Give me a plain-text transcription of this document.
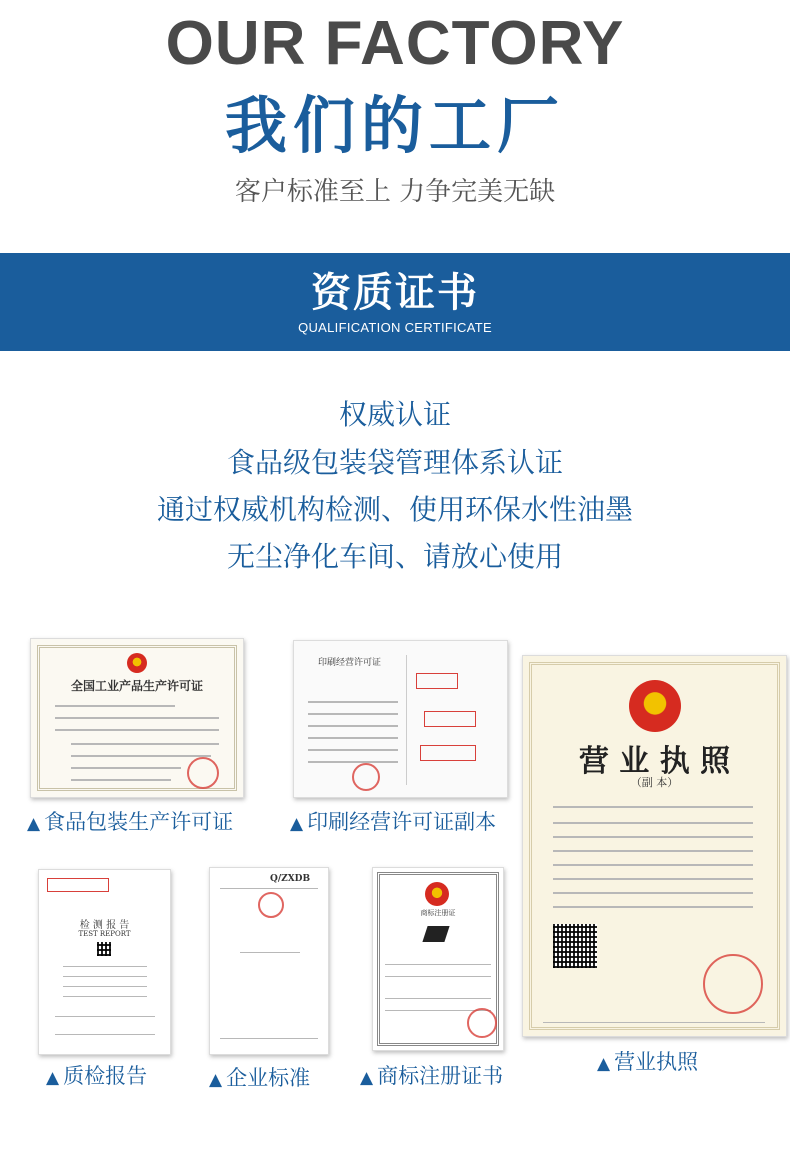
OUR FACTORY
我们的工厂
客户标准至上 力争完美无缺
资质证书
QUALIFICATION CERTIFICATE
权威认证
食品级包装袋管理体系认证
通过权威机构检测、使用环保水性油墨
无尘净化车间、请放心使用
全国工业产品生产许可证
▲ 食品包装生产许可证
印刷经营许可证
▲ 印刷经营许可证副本
营 业 执 照
（副 本）
▲ 营业执照
检 测 报 告
TEST REPORT
▲ 质检报告
Q/ZXDB
▲ 企业标准
商标注册证
▲ 商标注册证书
